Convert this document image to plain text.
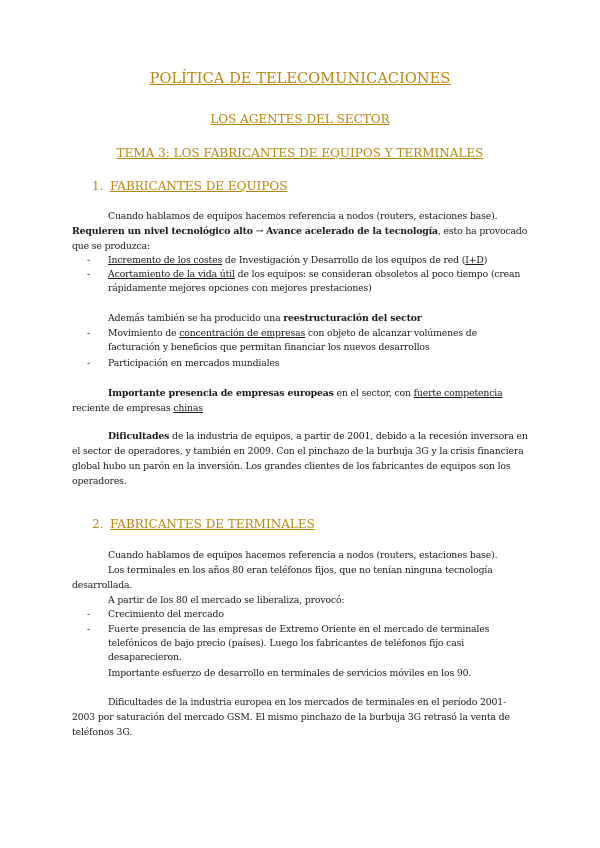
POLÍTICA DE TELECOMUNICACIONES
LOS AGENTES DEL SECTOR
TEMA 3: LOS FABRICANTES DE EQUIPOS Y TERMINALES
1. FABRICANTES DE EQUIPOS
Cuando hablamos de equipos hacemos referencia a nodos (routers, estaciones base).
Requieren un nivel tecnológico alto → Avance acelerado de la tecnología, esto ha provocado que se produzca:
-	Incremento de los costes de Investigación y Desarrollo de los equipos de red (I+D)
-	Acortamiento de la vida útil de los equipos: se consideran obsoletos al poco tiempo (crean rápidamente mejores opciones con mejores prestaciones)
Además también se ha producido una reestructuración del sector
-	Movimiento de concentración de empresas con objeto de alcanzar volúmenes de facturación y beneficios que permitan financiar los nuevos desarrollos
-	Participación en mercados mundiales
Importante presencia de empresas europeas en el sector, con fuerte competencia reciente de empresas chinas
Dificultades de la industria de equipos, a partir de 2001, debido a la recesión inversora en el sector de operadores, y también en 2009. Con el pinchazo de la burbuja 3G y la crisis financiera global hubo un parón en la inversión. Los grandes clientes de los fabricantes de equipos son los operadores.
2. FABRICANTES DE TERMINALES
Cuando hablamos de equipos hacemos referencia a nodos (routers, estaciones base).
Los terminales en los años 80 eran teléfonos fijos, que no tenían ninguna tecnología desarrollada.
A partir de los 80 el mercado se liberaliza, provocó:
-	Crecimiento del mercado
-	Fuerte presencia de las empresas de Extremo Oriente en el mercado de terminales telefónicos de bajo precio (países). Luego los fabricantes de teléfonos fijo casi desaparecieron.
Importante esfuerzo de desarrollo en terminales de servicios móviles en los 90.
Dificultades de la industria europea en los mercados de terminales en el período 2001-2003 por saturación del mercado GSM. El mismo pinchazo de la burbuja 3G retrasó la venta de teléfonos 3G.
